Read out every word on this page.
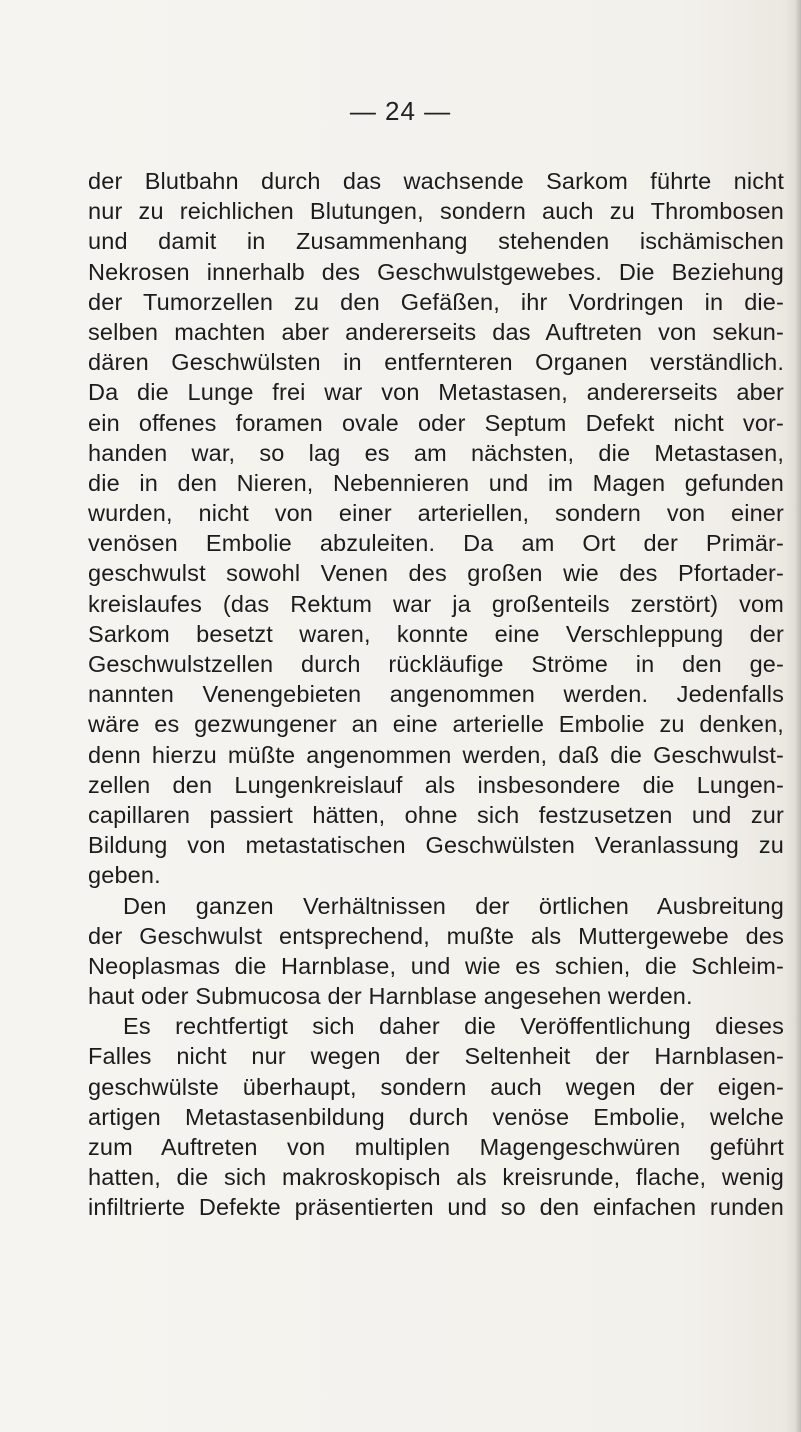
— 24 —
der Blutbahn durch das wachsende Sarkom führte nicht
nur zu reichlichen Blutungen, sondern auch zu Thrombosen
und damit in Zusammenhang stehenden ischämischen
Nekrosen innerhalb des Geschwulstgewebes. Die Beziehung
der Tumorzellen zu den Gefäßen, ihr Vordringen in die-
selben machten aber andererseits das Auftreten von sekun-
dären Geschwülsten in entfernteren Organen verständlich.
Da die Lunge frei war von Metastasen, andererseits aber
ein offenes foramen ovale oder Septum Defekt nicht vor-
handen war, so lag es am nächsten, die Metastasen,
die in den Nieren, Nebennieren und im Magen gefunden
wurden, nicht von einer arteriellen, sondern von einer
venösen Embolie abzuleiten. Da am Ort der Primär-
geschwulst sowohl Venen des großen wie des Pfortader-
kreislaufes (das Rektum war ja großenteils zerstört) vom
Sarkom besetzt waren, konnte eine Verschleppung der
Geschwulstzellen durch rückläufige Ströme in den ge-
nannten Venengebieten angenommen werden. Jedenfalls
wäre es gezwungener an eine arterielle Embolie zu denken,
denn hierzu müßte angenommen werden, daß die Geschwulst-
zellen den Lungenkreislauf als insbesondere die Lungen-
capillaren passiert hätten, ohne sich festzusetzen und zur
Bildung von metastatischen Geschwülsten Veranlassung zu
geben.
Den ganzen Verhältnissen der örtlichen Ausbreitung
der Geschwulst entsprechend, mußte als Muttergewebe des
Neoplasmas die Harnblase, und wie es schien, die Schleim-
haut oder Submucosa der Harnblase angesehen werden.
Es rechtfertigt sich daher die Veröffentlichung dieses
Falles nicht nur wegen der Seltenheit der Harnblasen-
geschwülste überhaupt, sondern auch wegen der eigen-
artigen Metastasenbildung durch venöse Embolie, welche
zum Auftreten von multiplen Magengeschwüren geführt
hatten, die sich makroskopisch als kreisrunde, flache, wenig
infiltrierte Defekte präsentierten und so den einfachen runden
